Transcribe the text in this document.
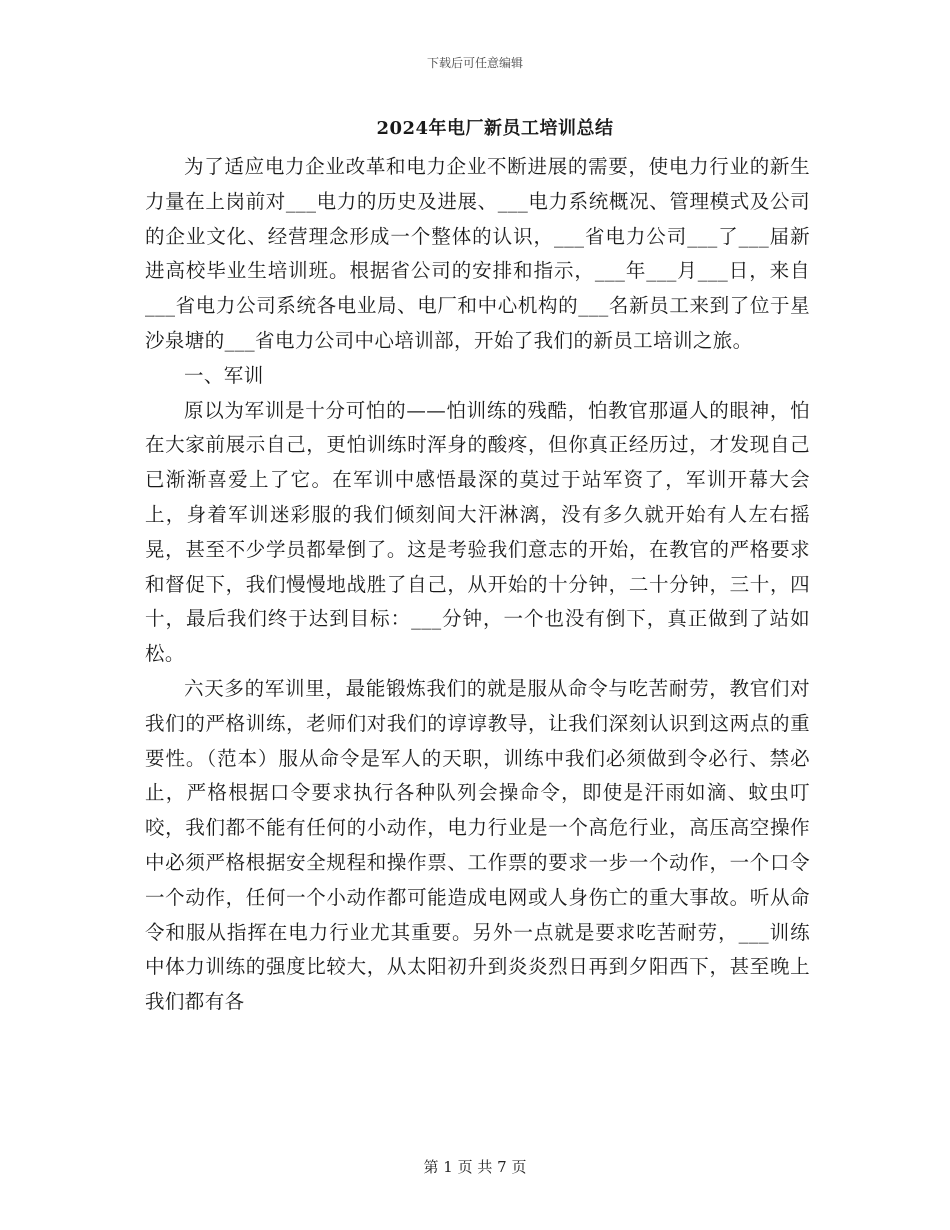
下载后可任意编辑
2024年电厂新员工培训总结

为了适应电力企业改革和电力企业不断进展的需要，使电力行业的新生力量在上岗前对___电力的历史及进展、___电力系统概况、管理模式及公司的企业文化、经营理念形成一个整体的认识，___省电力公司___了___届新进高校毕业生培训班。根据省公司的安排和指示，___年___月___日，来自___省电力公司系统各电业局、电厂和中心机构的___名新员工来到了位于星沙泉塘的___省电力公司中心培训部，开始了我们的新员工培训之旅。

一、军训

原以为军训是十分可怕的——怕训练的残酷，怕教官那逼人的眼神，怕在大家前展示自己，更怕训练时浑身的酸疼，但你真正经历过，才发现自己已渐渐喜爱上了它。在军训中感悟最深的莫过于站军资了，军训开幕大会上，身着军训迷彩服的我们倾刻间大汗淋漓，没有多久就开始有人左右摇晃，甚至不少学员都晕倒了。这是考验我们意志的开始，在教官的严格要求和督促下，我们慢慢地战胜了自己，从开始的十分钟，二十分钟，三十，四十，最后我们终于达到目标：___分钟，一个也没有倒下，真正做到了站如松。

六天多的军训里，最能锻炼我们的就是服从命令与吃苦耐劳，教官们对我们的严格训练，老师们对我们的谆谆教导，让我们深刻认识到这两点的重要性。（范本）服从命令是军人的天职，训练中我们必须做到令必行、禁必止，严格根据口令要求执行各种队列会操命令，即使是汗雨如滴、蚊虫叮咬，我们都不能有任何的小动作，电力行业是一个高危行业，高压高空操作中必须严格根据安全规程和操作票、工作票的要求一步一个动作，一个口令一个动作，任何一个小动作都可能造成电网或人身伤亡的重大事故。听从命令和服从指挥在电力行业尤其重要。另外一点就是要求吃苦耐劳，___训练中体力训练的强度比较大，从太阳初升到炎炎烈日再到夕阳西下，甚至晚上我们都有各

第 1 页 共 7 页
